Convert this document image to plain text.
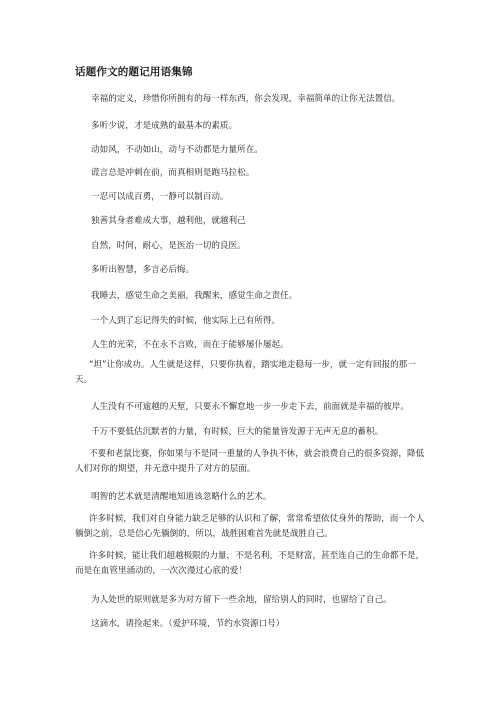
话题作文的题记用语集锦
幸福的定义，珍惜你所拥有的每一样东西，你会发现，幸福简单的让你无法置信。
多听少说，才是成熟的最基本的素质。
动如风，不动如山，动与不动都是力量所在。
谎言总是冲刺在前，而真相则是跑马拉松。
一忍可以成百勇，一静可以制百动。
独善其身者难成大事，越利他，就越利己
自然，时间，耐心，是医治一切的良医。
多听出智慧，多言必后悔。
我睡去，感觉生命之美丽，我醒来，感觉生命之责任。
一个人到了忘记得失的时候，他实际上已有所得。
人生的光荣，不在永不言败，而在于能够屡仆屡起。
“坦”让你成功。人生就是这样，只要你执着，踏实地走稳每一步，就一定有回报的那一天。
人生没有不可逾越的天堑，只要永不懈怠地一步一步走下去，前面就是幸福的彼岸。
千万不要低估沉默者的力量，有时候，巨大的能量皆发源于无声无息的蓄积。
不要和老鼠比赛，你如果与不是同一重量的人争执不休，就会浪费自己的很多资源，降低人们对你的期望，并无意中提升了对方的层面。
明智的艺术就是清醒地知道该忽略什么的艺术。
许多时候，我们对自身能力缺乏足够的认识和了解，常常希望依仗身外的帮助，而一个人躺倒之前，总是信心先躺倒的，所以，战胜困难首先就是战胜自己。
许多时候，能让我们超越极限的力量，不是名利，不是财富，甚至连自己的生命都不是，而是在血管里涌动的，一次次漫过心底的爱！
为人处世的原则就是多为对方留下一些余地，留给别人的同时，也留给了自己。
这滴水，请捡起来。（爱护环境，节约水资源口号）
